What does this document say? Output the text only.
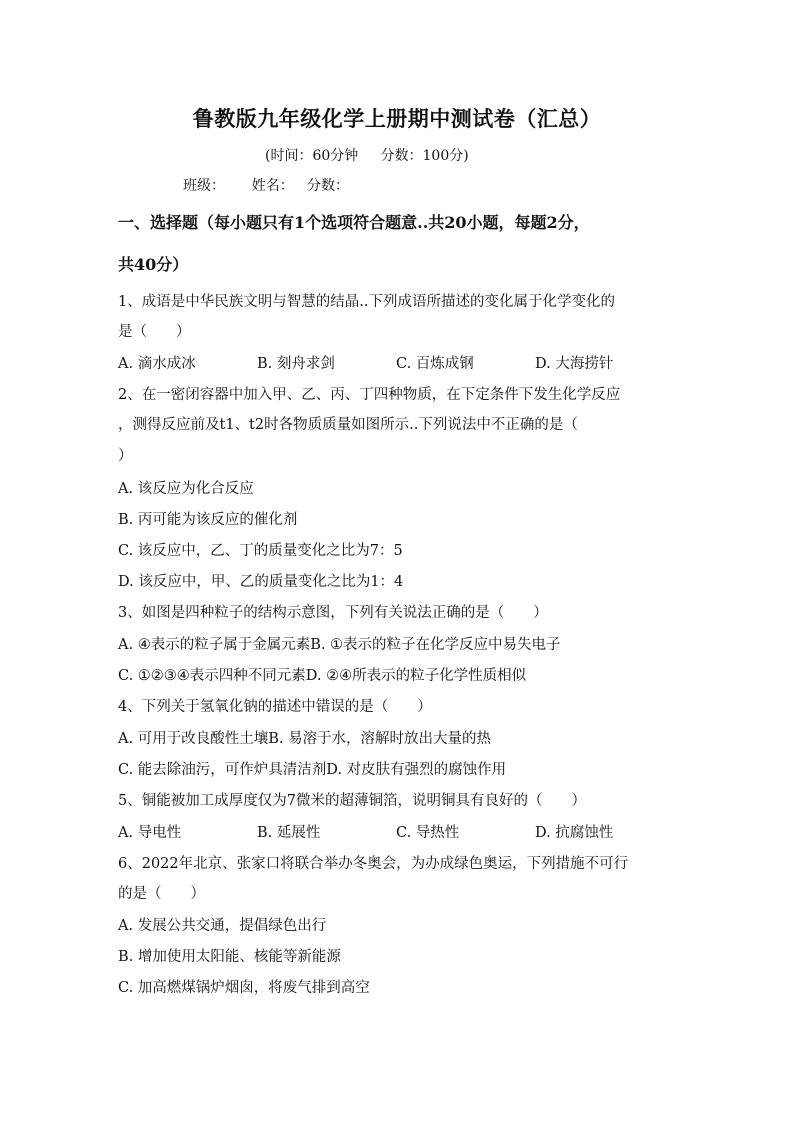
鲁教版九年级化学上册期中测试卷（汇总）
(时间：60分钟     分数：100分)
班级：      姓名：   分数：
一、选择题（每小题只有1个选项符合题意..共20小题，每题2分，
共40分）
1、成语是中华民族文明与智慧的结晶..下列成语所描述的变化属于化学变化的
是（　　）
A. 滴水成冰	B. 刻舟求剑	C. 百炼成钢	D. 大海捞针
2、在一密闭容器中加入甲、乙、丙、丁四种物质，在下定条件下发生化学反应
，测得反应前及t1、t2时各物质质量如图所示..下列说法中不正确的是（
）
A. 该反应为化合反应
B. 丙可能为该反应的催化剂
C. 该反应中，乙、丁的质量变化之比为7：5
D. 该反应中，甲、乙的质量变化之比为1：4
3、如图是四种粒子的结构示意图，下列有关说法正确的是（　　）
A. ④表示的粒子属于金属元素B. ①表示的粒子在化学反应中易失电子
C. ①②③④表示四种不同元素D. ②④所表示的粒子化学性质相似
4、下列关于氢氧化钠的描述中错误的是（　　）
A. 可用于改良酸性土壤B. 易溶于水，溶解时放出大量的热
C. 能去除油污，可作炉具清洁剂D. 对皮肤有强烈的腐蚀作用
5、铜能被加工成厚度仅为7微米的超薄铜箔，说明铜具有良好的（　　）
A. 导电性	B. 延展性	C. 导热性	D. 抗腐蚀性
6、2022年北京、张家口将联合举办冬奥会，为办成绿色奥运，下列措施不可行
的是（　　）
A. 发展公共交通，提倡绿色出行
B. 增加使用太阳能、核能等新能源
C. 加高燃煤锅炉烟囱，将废气排到高空
